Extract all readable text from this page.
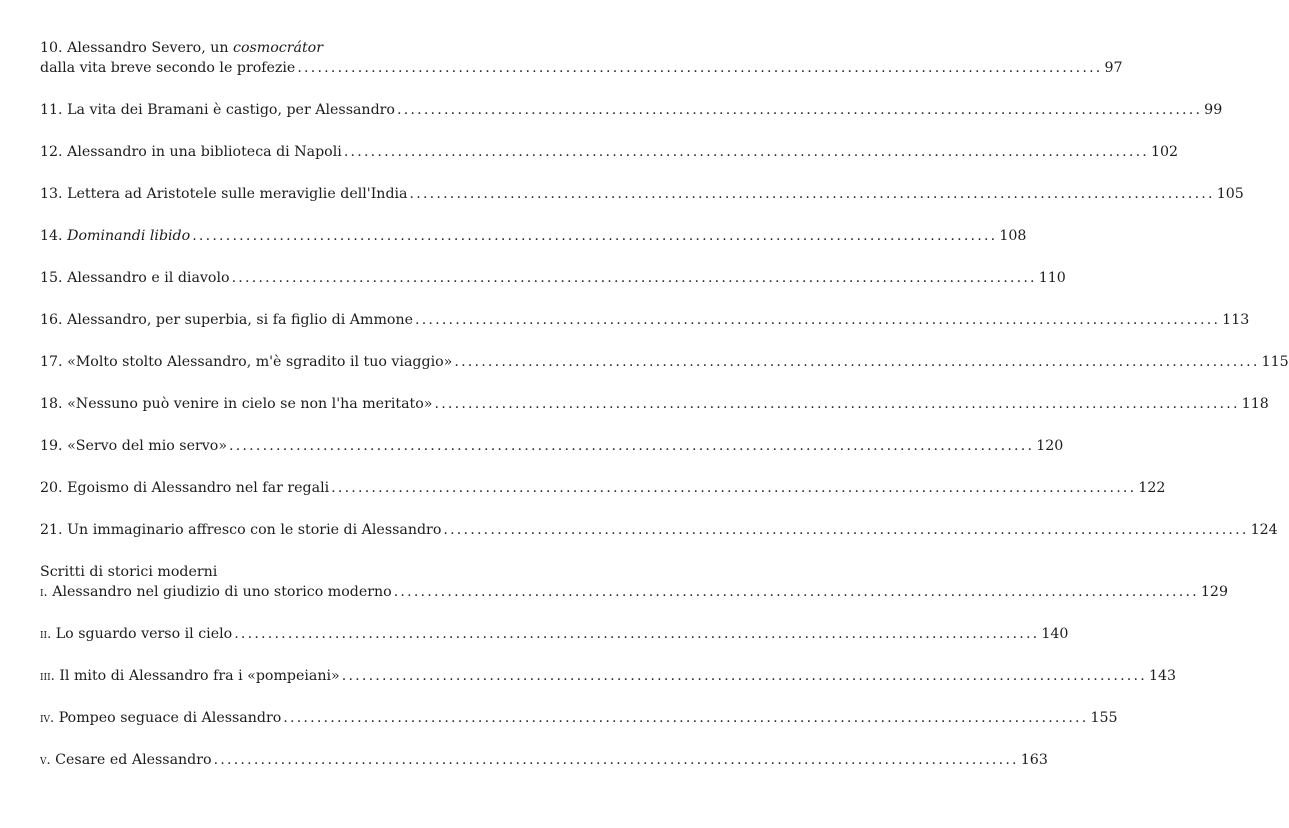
10. Alessandro Severo, un cosmocrátor
dalla vita breve secondo le profezie ........................................................................................................................ 97
11. La vita dei Bramani è castigo, per Alessandro ........................................................................................................................ 99
12. Alessandro in una biblioteca di Napoli ........................................................................................................................ 102
13. Lettera ad Aristotele sulle meraviglie dell'India ........................................................................................................................ 105
14. Dominandi libido ........................................................................................................................ 108
15. Alessandro e il diavolo ........................................................................................................................ 110
16. Alessandro, per superbia, si fa figlio di Ammone ........................................................................................................................ 113
17. «Molto stolto Alessandro, m'è sgradito il tuo viaggio» ........................................................................................................................ 115
18. «Nessuno può venire in cielo se non l'ha meritato» ........................................................................................................................ 118
19. «Servo del mio servo» ........................................................................................................................ 120
20. Egoismo di Alessandro nel far regali ........................................................................................................................ 122
21. Un immaginario affresco con le storie di Alessandro ........................................................................................................................ 124
Scritti di storici moderni
i. Alessandro nel giudizio di uno storico moderno ........................................................................................................................ 129
ii. Lo sguardo verso il cielo ........................................................................................................................ 140
iii. Il mito di Alessandro fra i «pompeiani» ........................................................................................................................ 143
iv. Pompeo seguace di Alessandro ........................................................................................................................ 155
v. Cesare ed Alessandro ........................................................................................................................ 163
